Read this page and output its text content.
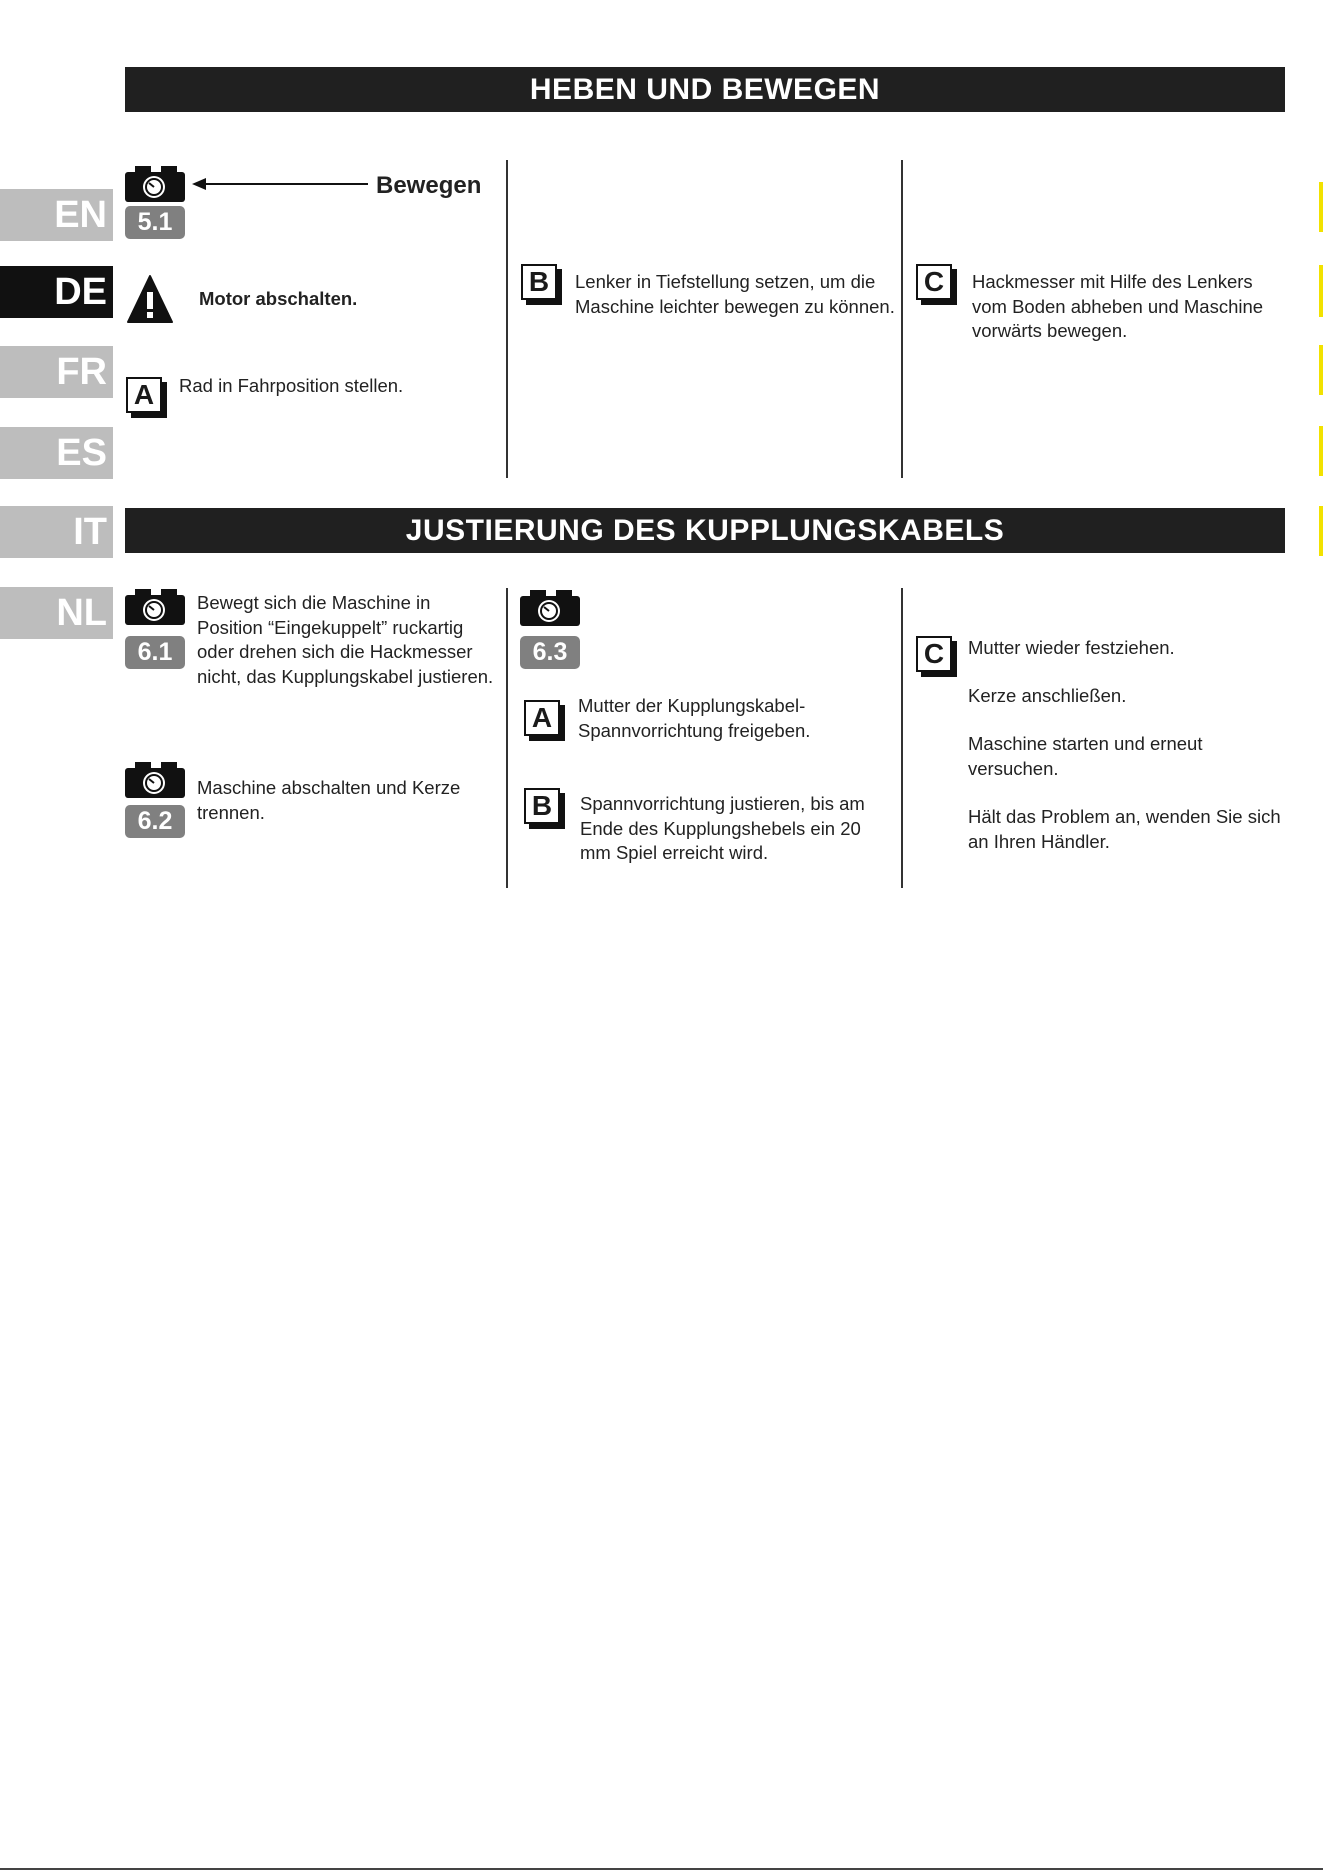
EN
DE
FR
ES
IT
NL
HEBEN UND BEWEGEN
5.1
Bewegen
Motor abschalten.
A	Rad in Fahrposition stellen.
B	Lenker in Tiefstellung setzen, um die Maschine leichter bewegen zu können.
C	Hackmesser mit Hilfe des Lenkers vom Boden abheben und Maschine vorwärts bewegen.
JUSTIERUNG DES KUPPLUNGSKABELS
6.1
Bewegt sich die Maschine in Position “Eingekuppelt” ruckartig oder drehen sich die Hackmesser nicht, das Kupplungskabel justieren.
6.2
Maschine abschalten und Kerze trennen.
6.3
A	Mutter der Kupplungskabel-Spannvorrichtung freigeben.
B	Spannvorrichtung justieren, bis am Ende des Kupplungshebels ein 20 mm Spiel erreicht wird.
C	Mutter wieder festziehen.
Kerze anschließen.
Maschine starten und erneut versuchen.
Hält das Problem an, wenden Sie sich an Ihren Händler.
